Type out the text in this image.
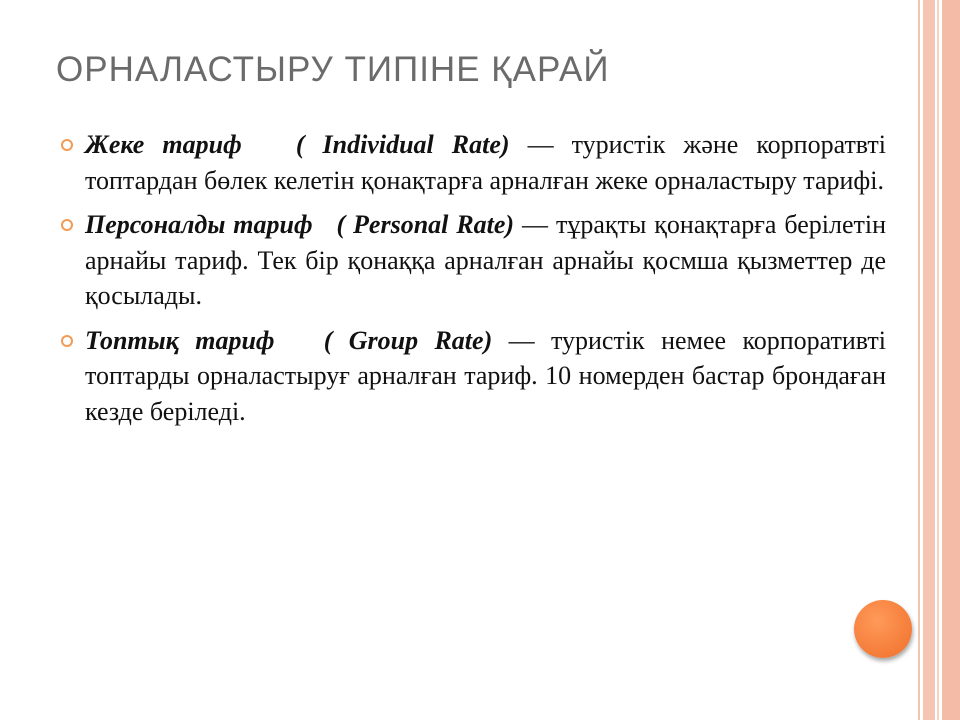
ОРНАЛАСТЫРУ ТИПІНЕ ҚАРАЙ
Жеке тариф ( Individual Rate) — туристік және корпоратвті топтардан бөлек келетін қонақтарға арналған жеке орналастыру тарифі.
Персоналды тариф ( Personal Rate) — тұрақты қонақтарға берілетін арнайы тариф. Тек бір қонаққа арналған арнайы қосмша қызметтер де қосылады.
Топтық тариф ( Group Rate) — туристік немее корпоративті топтарды орналастыруғ арналған тариф. 10 номерден бастар брондаған кезде беріледі.
